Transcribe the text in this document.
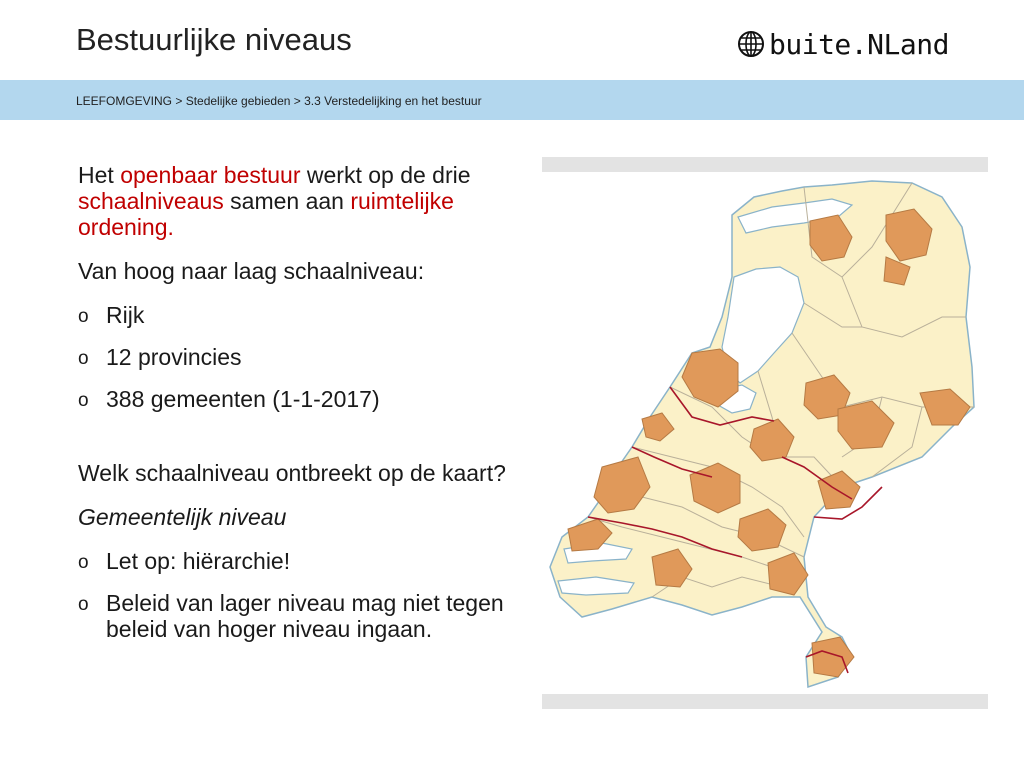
Bestuurlijke niveaus	buite.NLand
LEEFOMGEVING > Stedelijke gebieden > 3.3 Verstedelijking en het bestuur
Het openbaar bestuur werkt op de drie schaalniveaus samen aan ruimtelijke ordening.
Van hoog naar laag schaalniveau:
o Rijk
o 12 provincies
o 388 gemeenten (1-1-2017)
Welk schaalniveau ontbreekt op de kaart?
Gemeentelijk niveau
o Let op: hiërarchie!
o Beleid van lager niveau mag niet tegen beleid van hoger niveau ingaan.
